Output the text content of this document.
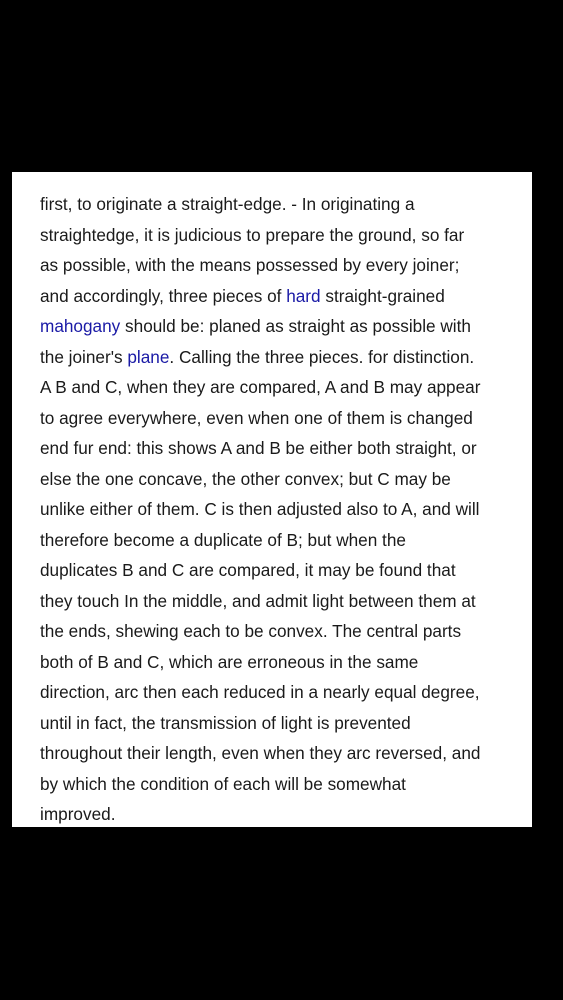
first, to originate a straight-edge. - In originating a
straightedge, it is judicious to prepare the ground, so far
as possible, with the means possessed by every joiner;
and accordingly, three pieces of hard straight-grained
mahogany should be: planed as straight as possible with
the joiner's plane. Calling the three pieces. for distinction.
A B and C, when they are compared, A and B may appear
to agree everywhere, even when one of them is changed
end fur end: this shows A and B be either both straight, or
else the one concave, the other convex; but C may be
unlike either of them. C is then adjusted also to A, and will
therefore become a duplicate of B; but when the
duplicates B and C are compared, it may be found that
they touch In the middle, and admit light between them at
the ends, shewing each to be convex. The central parts
both of B and C, which are erroneous in the same
direction, arc then each reduced in a nearly equal degree,
until in fact, the transmission of light is prevented
throughout their length, even when they arc reversed, and
by which the condition of each will be somewhat
improved.
